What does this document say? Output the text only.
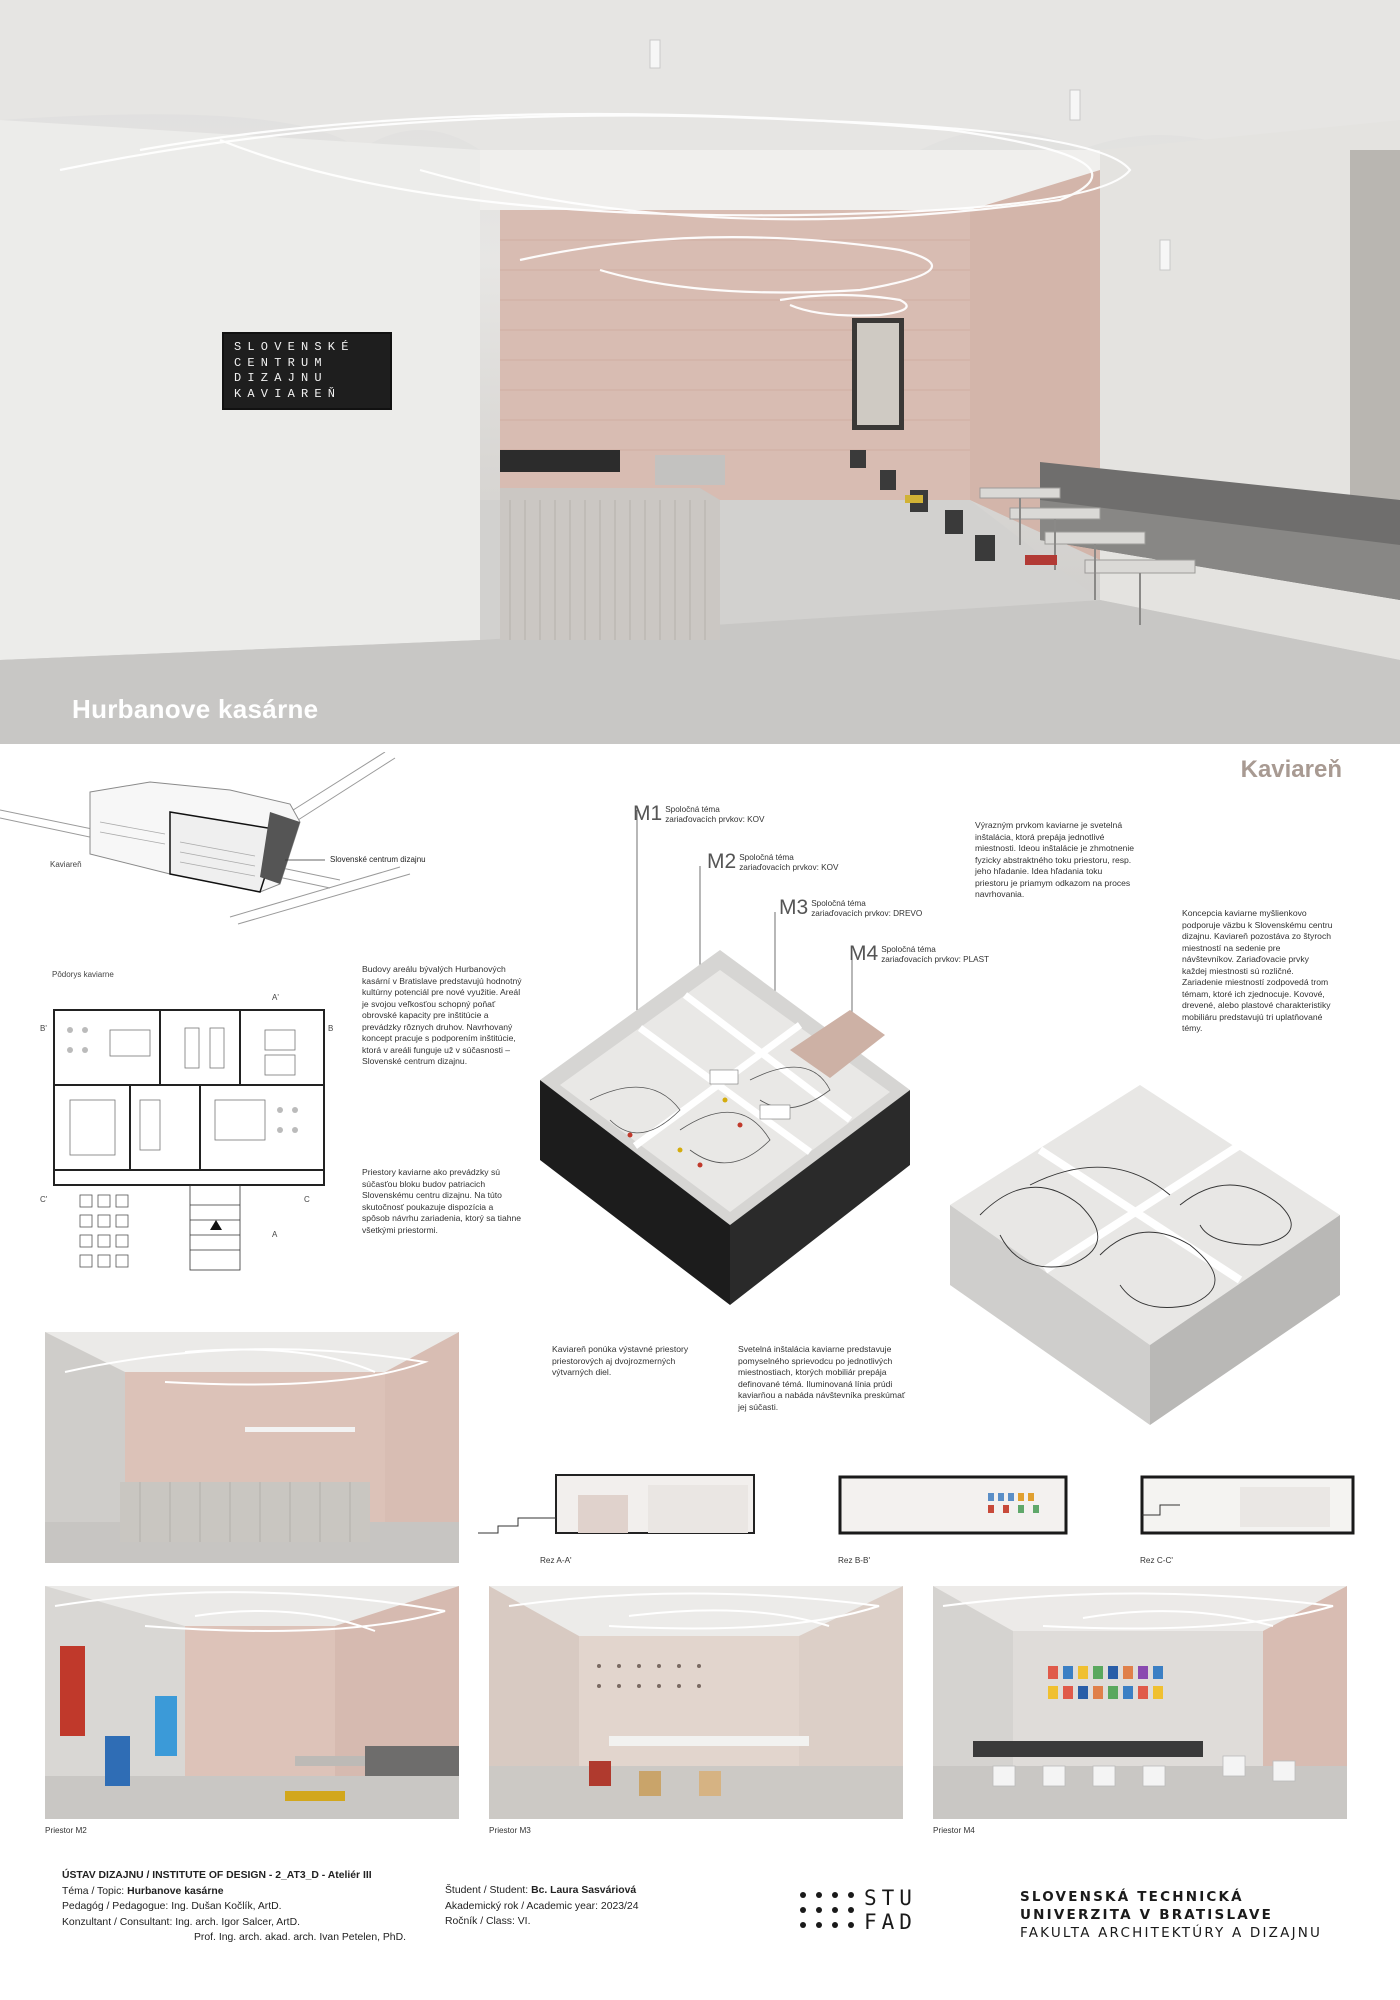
SLOVENSKÉ
CENTRUM
DIZAJNU
KAVIAREŇ
Hurbanove kasárne
Kaviareň
Kaviareň
Slovenské centrum dizajnu
Pôdorys kaviarne
A'
B'	B
C'	C
A
Budovy areálu bývalých Hurbanových kasární v Bratislave predstavujú hodnotný kultúrny potenciál pre nové využitie. Areál je svojou veľkosťou schopný poňať obrovské kapacity pre inštitúcie a prevádzky rôznych druhov. Navrhovaný koncept pracuje s podporením inštitúcie, ktorá v areáli funguje už v súčasnosti – Slovenské centrum dizajnu.
Priestory kaviarne ako prevádzky sú súčasťou bloku budov patriacich Slovenskému centru dizajnu. Na túto skutočnosť poukazuje dispozícia a spôsob návrhu zariadenia, ktorý sa tiahne všetkými priestormi.
Výrazným prvkom kaviarne je svetelná inštalácia, ktorá prepája jednotlivé miestnosti. Ideou inštalácie je zhmotnenie fyzicky abstraktného toku priestoru, resp. jeho hľadanie. Idea hľadania toku priestoru je priamym odkazom na proces navrhovania.
Koncepcia kaviarne myšlienkovo podporuje väzbu k Slovenskému centru dizajnu. Kaviareň pozostáva zo štyroch miestností na sedenie pre návštevníkov. Zariaďovacie prvky každej miestnosti sú rozličné. Zariadenie miestností zodpovedá trom témam, ktoré ich zjednocuje. Kovové, drevené, alebo plastové charakteristiky mobiliáru predstavujú tri uplatňované témy.
Kaviareň ponúka výstavné priestory priestorových aj dvojrozmerných výtvarných diel.
Svetelná inštalácia kaviarne predstavuje pomyselného sprievodcu po jednotlivých miestnostiach, ktorých mobiliár prepája definované témá. Iluminovaná línia prúdi kaviarňou a nabáda návštevníka preskúmať jej súčasti.
M1 Spoločná téma
zariaďovacích prvkov: KOV
M2 Spoločná téma
zariaďovacích prvkov: KOV
M3 Spoločná téma
zariaďovacích prvkov: DREVO
M4 Spoločná téma
zariaďovacích prvkov: PLAST
Rez A-A'	Rez B-B'	Rez C-C'
Priestor M2	Priestor M3	Priestor M4
ÚSTAV DIZAJNU / INSTITUTE OF DESIGN - 2_AT3_D - Ateliér III
Téma / Topic: Hurbanove kasárne
Pedagóg / Pedagogue: Ing. Dušan Kočlík, ArtD.
Konzultant / Consultant: Ing. arch. Igor Salcer, ArtD.
Prof. Ing. arch. akad. arch. Ivan Petelen, PhD.
Študent / Student: Bc. Laura Sasváriová
Akademický rok / Academic year: 2023/24
Ročník / Class: VI.
STU
FAD
SLOVENSKÁ TECHNICKÁ
UNIVERZITA V BRATISLAVE
FAKULTA ARCHITEKTÚRY A DIZAJNU
